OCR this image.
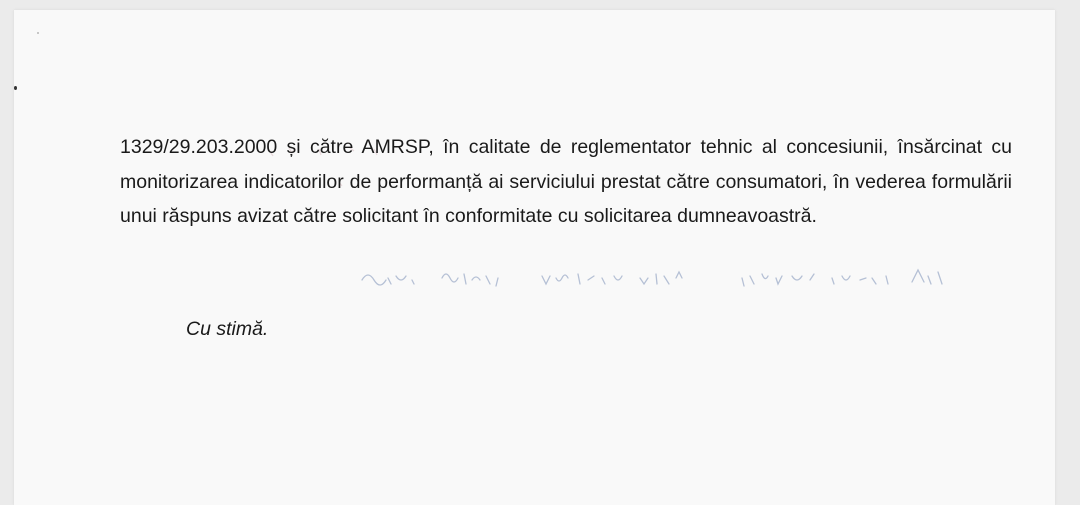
1329/29.203.2000 și către AMRSP, în calitate de reglementator tehnic al concesiunii, însărcinat cu monitorizarea indicatorilor de performanță ai serviciului prestat către consumatori, în vederea formulării unui răspuns avizat către solicitant în conformitate cu solicitarea dumneavoastră.

Cu stimă.
